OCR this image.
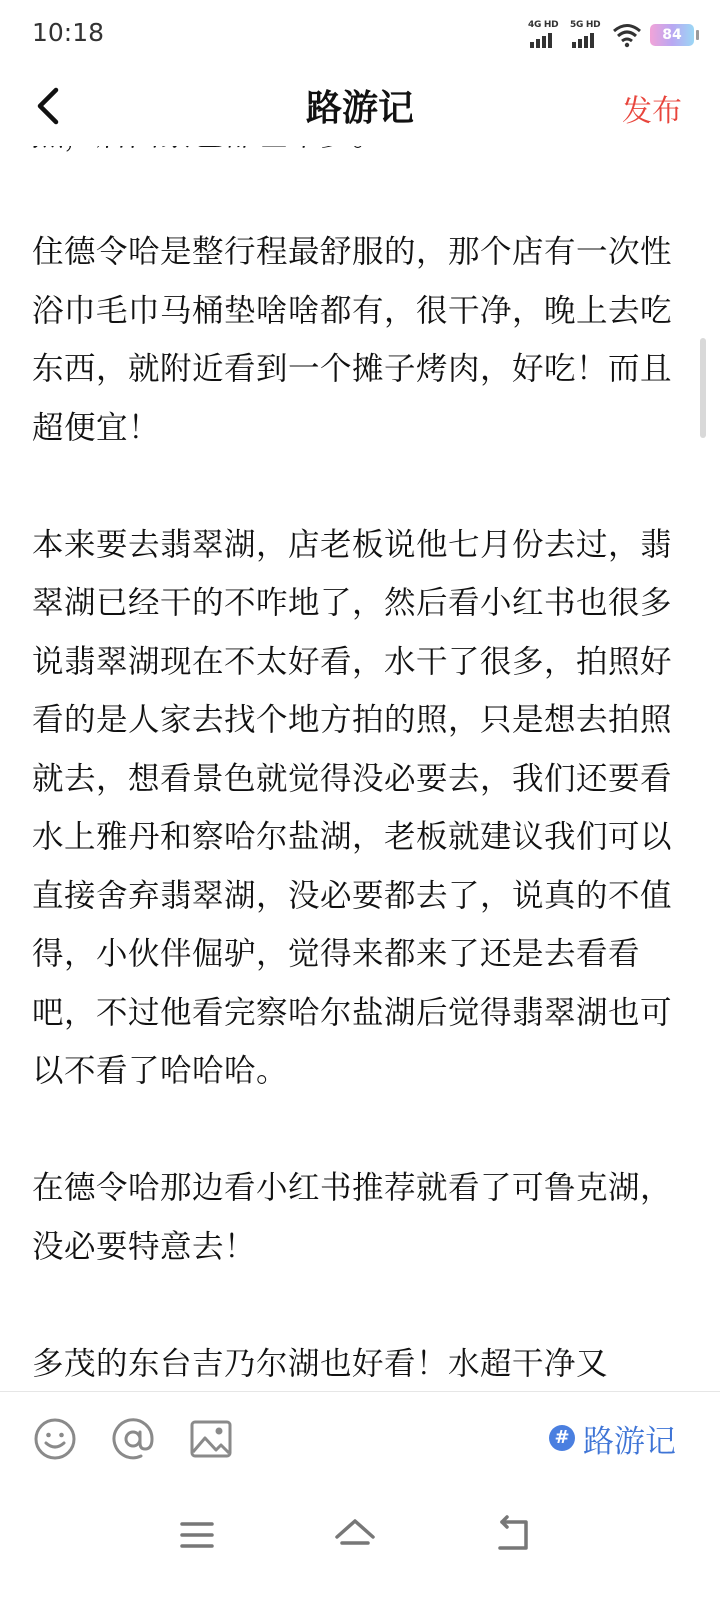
10:18	4G HD 5G HD
84
路游记	发布

住德令哈是整行程最舒服的，那个店有一次性浴巾毛巾马桶垫啥啥都有，很干净，晚上去吃东西，就附近看到一个摊子烤肉，好吃！而且超便宜！

本来要去翡翠湖，店老板说他七月份去过，翡翠湖已经干的不咋地了，然后看小红书也很多说翡翠湖现在不太好看，水干了很多，拍照好看的是人家去找个地方拍的照，只是想去拍照就去，想看景色就觉得没必要去，我们还要看水上雅丹和察哈尔盐湖，老板就建议我们可以直接舍弃翡翠湖，没必要都去了，说真的不值得，小伙伴倔驴，觉得来都来了还是去看看吧，不过他看完察哈尔盐湖后觉得翡翠湖也可以不看了哈哈哈。

在德令哈那边看小红书推荐就看了可鲁克湖，没必要特意去！

多茂的东台吉乃尔湖也好看！水超干净又

# 路游记
